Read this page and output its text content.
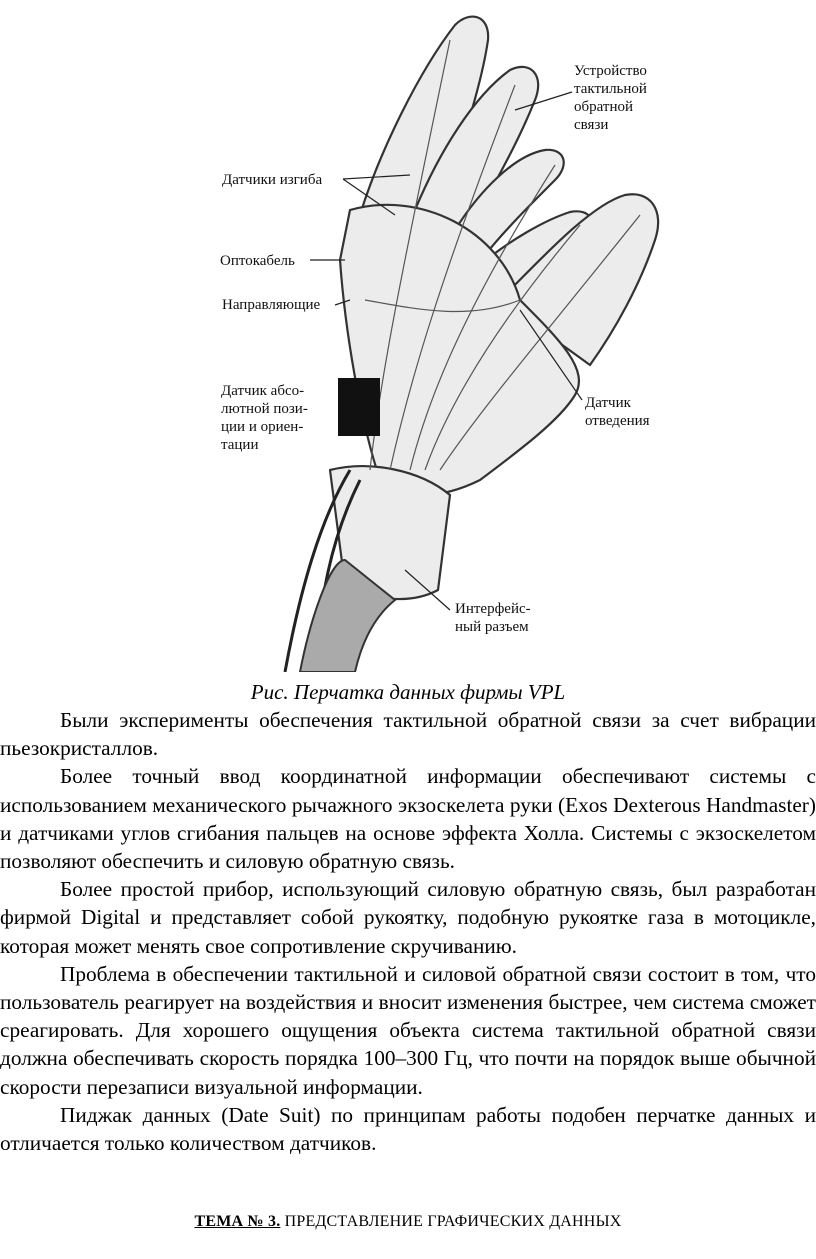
Устройство
тактильной
обратной
связи
Датчики изгиба
Оптокабель
Направляющие
Датчик абсо-
лютной пози-
ции и ориен-
тации
Датчик
отведения
Интерфейс-
ный разъем
Рис. Перчатка данных фирмы VPL

Были эксперименты обеспечения тактильной обратной связи за счет вибрации пьезокристаллов.

Более точный ввод координатной информации обеспечивают системы с использованием механического рычажного экзоскелета руки (Exos Dexterous Handmaster) и датчиками углов сгибания пальцев на основе эффекта Холла. Системы с экзоскелетом позволяют обеспечить и силовую обратную связь.

Более простой прибор, использующий силовую обратную связь, был разработан фирмой Digital и представляет собой рукоятку, подобную рукоятке газа в мотоцикле, которая может менять свое сопротивление скручиванию.

Проблема в обеспечении тактильной и силовой обратной связи состоит в том, что пользователь реагирует на воздействия и вносит изменения быстрее, чем система сможет среагировать. Для хорошего ощущения объекта система тактильной обратной связи должна обеспечивать скорость порядка 100–300 Гц, что почти на порядок выше обычной скорости перезаписи визуальной информации.

Пиджак данных (Date Suit) по принципам работы подобен перчатке данных и отличается только количеством датчиков.

ТЕМА № 3. ПРЕДСТАВЛЕНИЕ ГРАФИЧЕСКИХ ДАННЫХ
